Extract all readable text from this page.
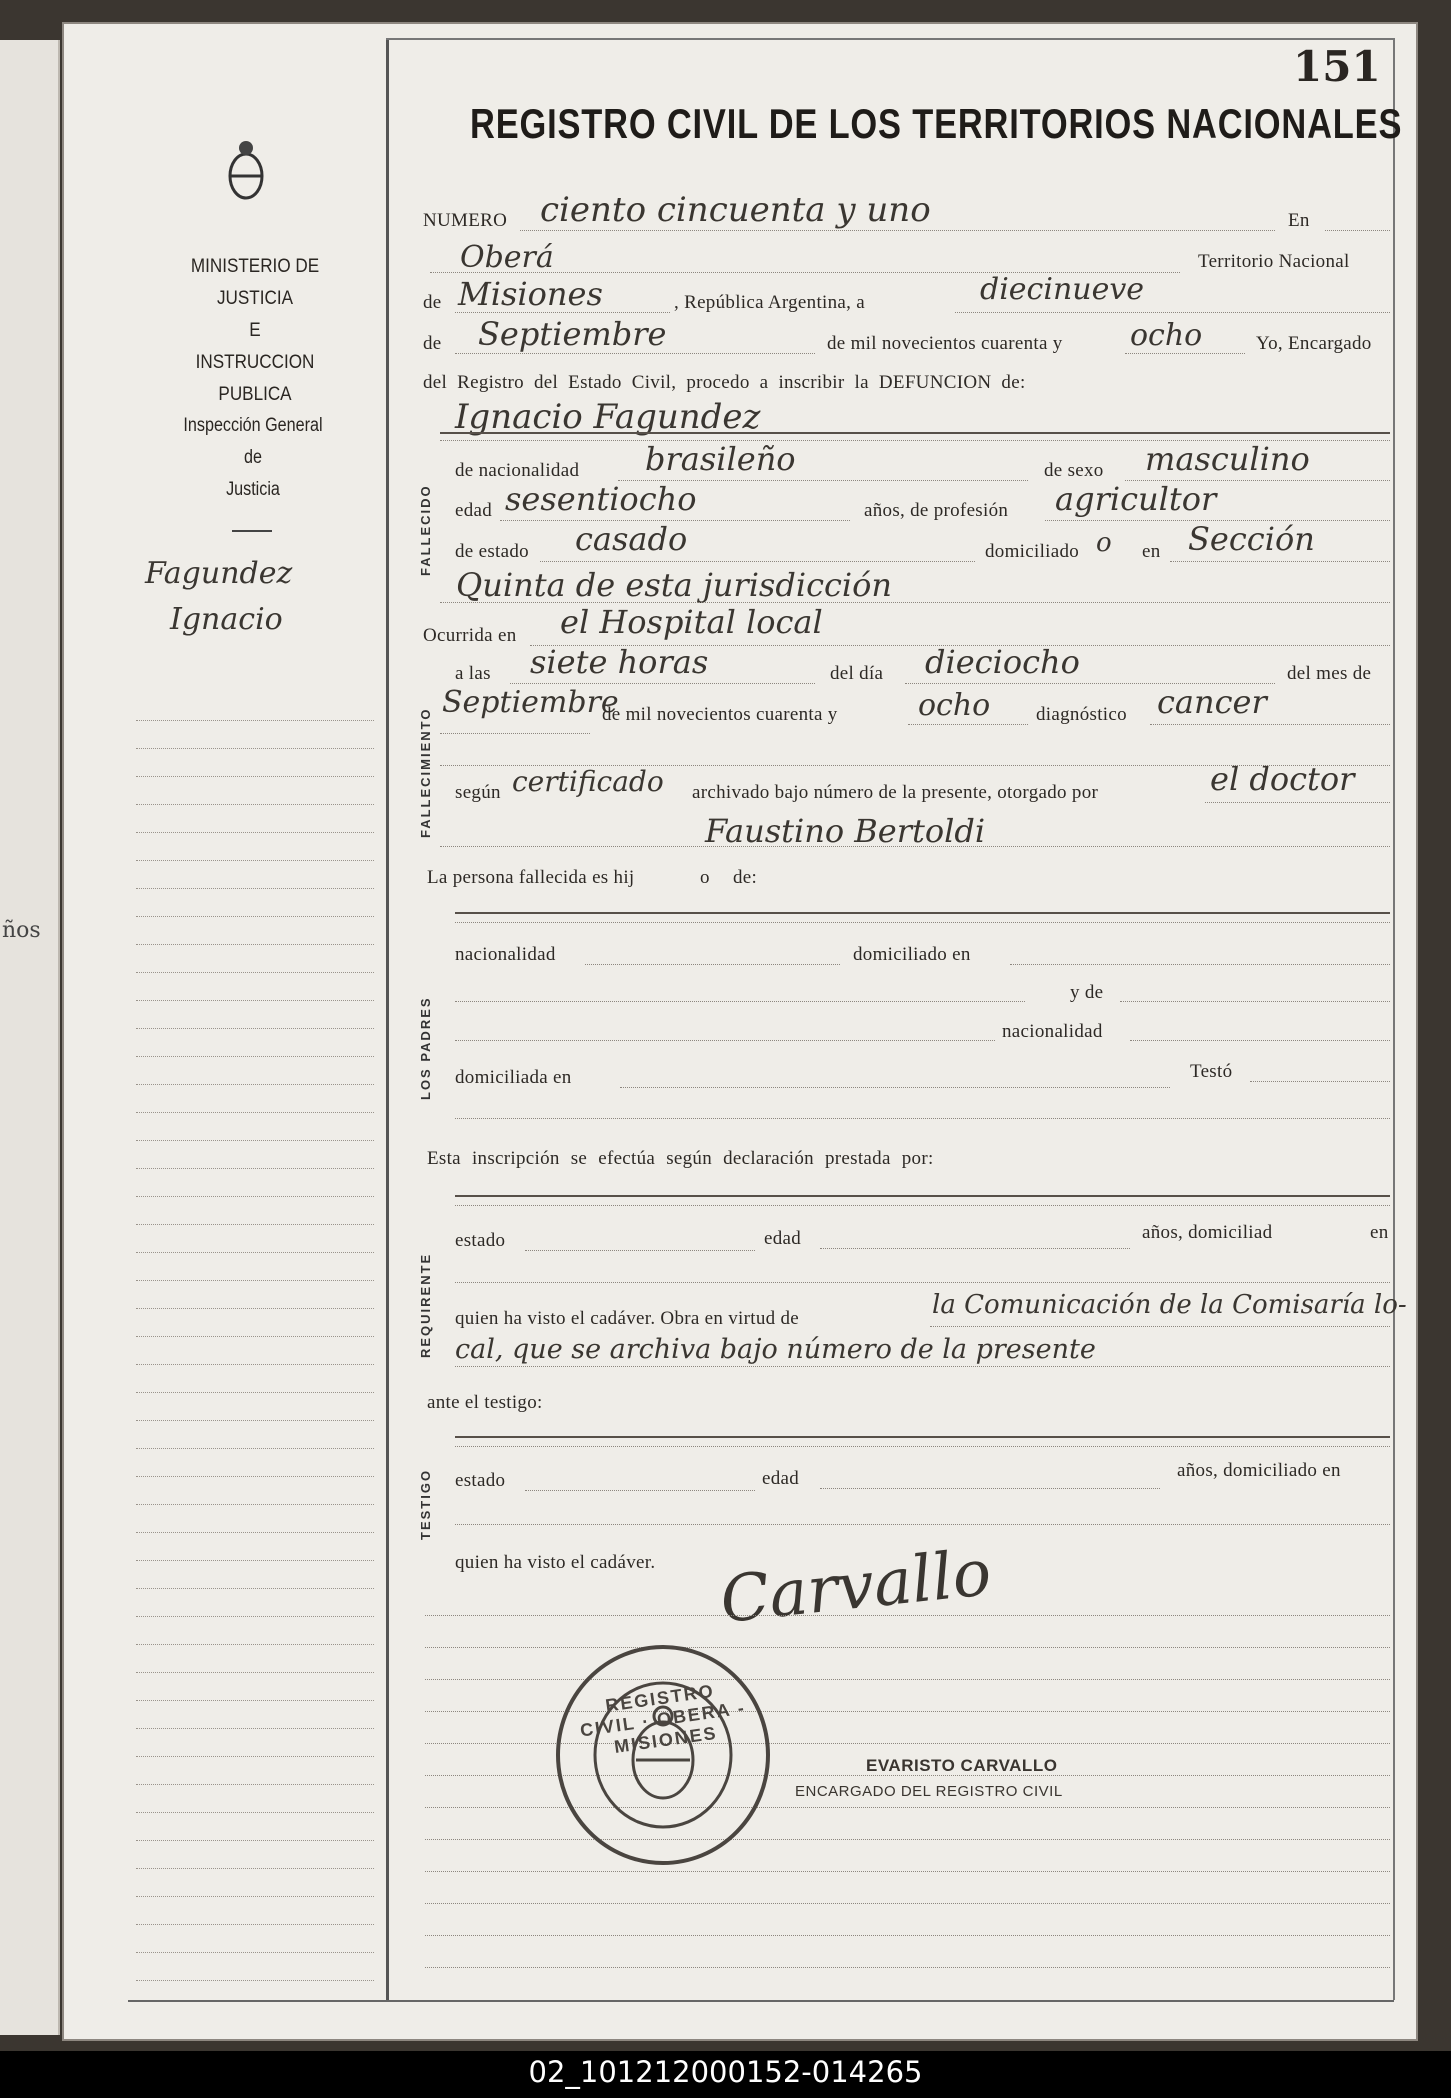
ños
MINISTERIO DE JUSTICIA
E
INSTRUCCION PUBLICA
Inspección General
de
Justicia
Fagundez
Ignacio
151
REGISTRO CIVIL DE LOS TERRITORIOS NACIONALES
NUMERO ciento cincuenta y uno	En
Oberá	Territorio Nacional
de Misiones	, República Argentina, a	diecinueve
de Septiembre	de mil novecientos cuarenta y ocho	Yo, Encargado
del Registro del Estado Civil, procedo a inscribir la DEFUNCION de:
FALLECIDO
Ignacio Fagundez
de nacionalidad brasileño	de sexo masculino
edad sesentiocho	años, de profesión agricultor
de estado casado	domiciliado o en Sección
Quinta de esta jurisdicción
Ocurrida en el Hospital local
FALLECIMIENTO
a las siete horas	del día dieciocho	del mes de
Septiembre
de mil novecientos cuarenta y	ocho diagnóstico cancer
según certificado archivado bajo número de la presente, otorgado por	el doctor
Faustino Bertoldi
La persona fallecida es hij	o de:
LOS PADRES
nacionalidad	domiciliado en
y de
nacionalidad
domiciliada en	Testó
Esta inscripción se efectúa según declaración prestada por:
REQUIRENTE
estado	edad	años, domiciliad	en
quien ha visto el cadáver. Obra en virtud de	la Comunicación de la Comisaría lo-
cal, que se archiva bajo número de la presente
ante el testigo:
TESTIGO estado	edad	años, domiciliado en
quien ha visto el cadáver. Carvallo
REGISTRO CIVIL · OBERA - MISIONES
EVARISTO CARVALLO
ENCARGADO DEL REGISTRO CIVIL
02_101212000152-014265
